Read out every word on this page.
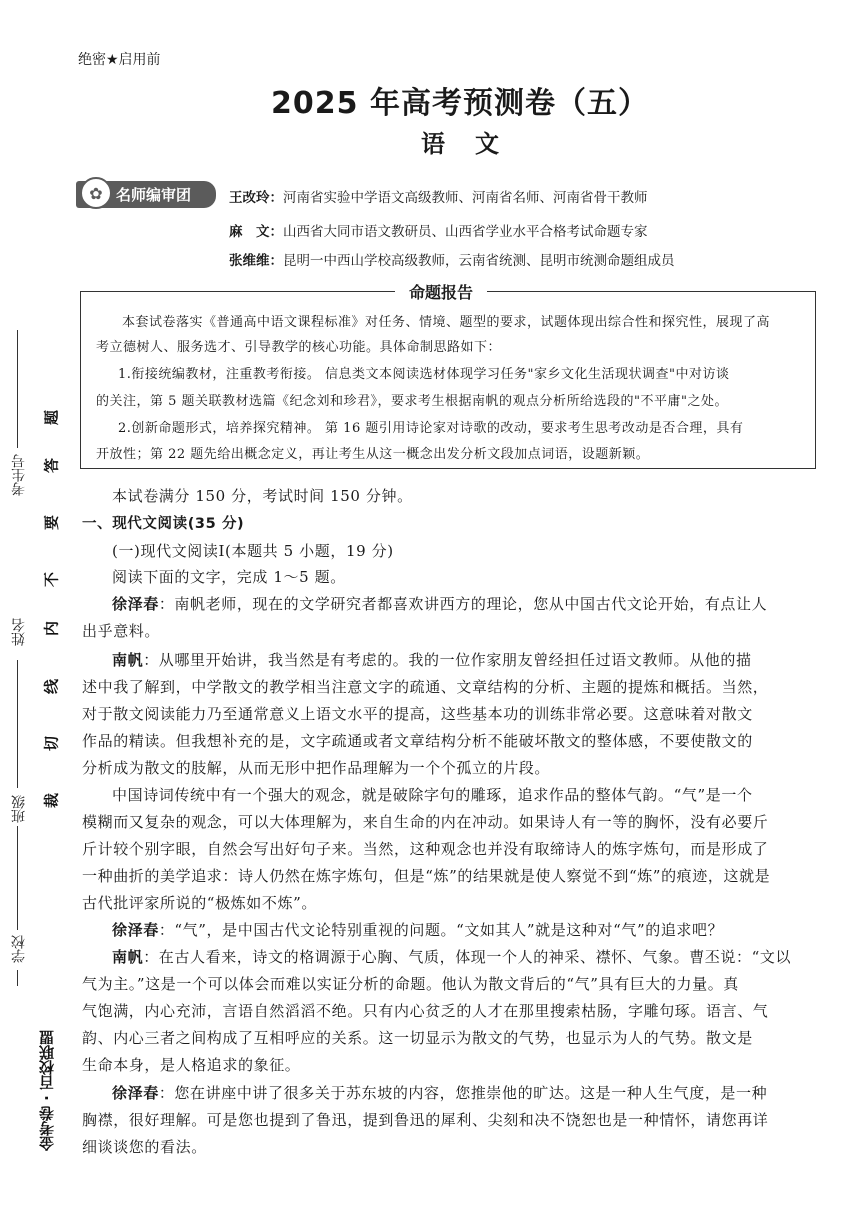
考生号
姓名
班级
学校
题
答
要
不
内
线
切
裁
金考卷 · 百校联盟
绝密★启用前
2025 年高考预测卷（五）
语文
✿ 名师编审团	王改玲：河南省实验中学语文高级教师、河南省名师、河南省骨干教师
麻　文：山西省大同市语文教研员、山西省学业水平合格考试命题专家
张维维：昆明一中西山学校高级教师，云南省统测、昆明市统测命题组成员
命题报告
本套试卷落实《普通高中语文课程标准》对任务、情境、题型的要求，试题体现出综合性和探究性，展现了高
考立德树人、服务选才、引导教学的核心功能。具体命制思路如下：
1.衔接统编教材，注重教考衔接。 信息类文本阅读选材体现学习任务"家乡文化生活现状调查"中对访谈
的关注，第 5 题关联教材选篇《纪念刘和珍君》，要求考生根据南帆的观点分析所给选段的"不平庸"之处。
2.创新命题形式，培养探究精神。 第 16 题引用诗论家对诗歌的改动，要求考生思考改动是否合理，具有
开放性；第 22 题先给出概念定义，再让考生从这一概念出发分析文段加点词语，设题新颖。
本试卷满分 150 分，考试时间 150 分钟。
一、现代文阅读(35 分)
(一)现代文阅读Ⅰ(本题共 5 小题，19 分)
阅读下面的文字，完成 1～5 题。
徐泽春：南帆老师，现在的文学研究者都喜欢讲西方的理论，您从中国古代文论开始，有点让人
出乎意料。
南帆：从哪里开始讲，我当然是有考虑的。我的一位作家朋友曾经担任过语文教师。从他的描
述中我了解到，中学散文的教学相当注意文字的疏通、文章结构的分析、主题的提炼和概括。当然，
对于散文阅读能力乃至通常意义上语文水平的提高，这些基本功的训练非常必要。这意味着对散文
作品的精读。但我想补充的是，文字疏通或者文章结构分析不能破坏散文的整体感，不要使散文的
分析成为散文的肢解，从而无形中把作品理解为一个个孤立的片段。
中国诗词传统中有一个强大的观念，就是破除字句的雕琢，追求作品的整体气韵。“气”是一个
模糊而又复杂的观念，可以大体理解为，来自生命的内在冲动。如果诗人有一等的胸怀，没有必要斤
斤计较个别字眼，自然会写出好句子来。当然，这种观念也并没有取缔诗人的炼字炼句，而是形成了
一种曲折的美学追求：诗人仍然在炼字炼句，但是“炼”的结果就是使人察觉不到“炼”的痕迹，这就是
古代批评家所说的“极炼如不炼”。
徐泽春：“气”，是中国古代文论特别重视的问题。“文如其人”就是这种对“气”的追求吧？
南帆：在古人看来，诗文的格调源于心胸、气质，体现一个人的神采、襟怀、气象。曹丕说：“文以
气为主。”这是一个可以体会而难以实证分析的命题。他认为散文背后的“气”具有巨大的力量。真
气饱满，内心充沛，言语自然滔滔不绝。只有内心贫乏的人才在那里搜索枯肠，字雕句琢。语言、气
韵、内心三者之间构成了互相呼应的关系。这一切显示为散文的气势，也显示为人的气势。散文是
生命本身，是人格追求的象征。
徐泽春：您在讲座中讲了很多关于苏东坡的内容，您推崇他的旷达。这是一种人生气度，是一种
胸襟，很好理解。可是您也提到了鲁迅，提到鲁迅的犀利、尖刻和决不饶恕也是一种情怀，请您再详
细谈谈您的看法。
